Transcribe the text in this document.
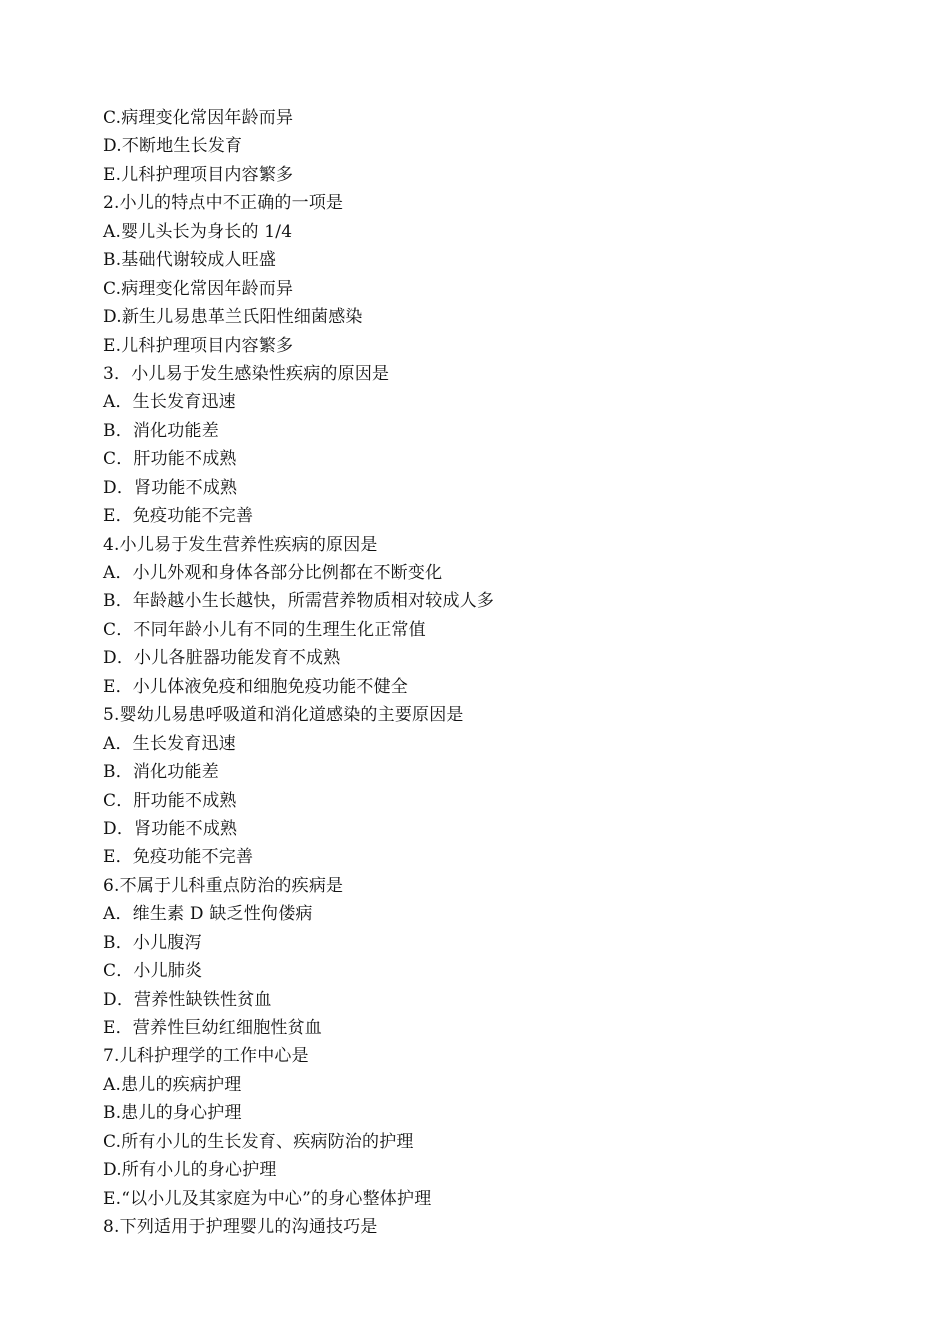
C.病理变化常因年龄而异
D.不断地生长发育
E.儿科护理项目内容繁多
2.小儿的特点中不正确的一项是
A.婴儿头长为身长的 1/4
B.基础代谢较成人旺盛
C.病理变化常因年龄而异
D.新生儿易患革兰氏阳性细菌感染
E.儿科护理项目内容繁多
3．小儿易于发生感染性疾病的原因是
A．生长发育迅速
B．消化功能差
C．肝功能不成熟
D．肾功能不成熟
E．免疫功能不完善
4.小儿易于发生营养性疾病的原因是
A．小儿外观和身体各部分比例都在不断变化
B．年龄越小生长越快，所需营养物质相对较成人多
C．不同年龄小儿有不同的生理生化正常值
D．小儿各脏器功能发育不成熟
E．小儿体液免疫和细胞免疫功能不健全
5.婴幼儿易患呼吸道和消化道感染的主要原因是
A．生长发育迅速
B．消化功能差
C．肝功能不成熟
D．肾功能不成熟
E．免疫功能不完善
6.不属于儿科重点防治的疾病是
A．维生素 D 缺乏性佝偻病
B．小儿腹泻
C．小儿肺炎
D．营养性缺铁性贫血
E．营养性巨幼红细胞性贫血
7.儿科护理学的工作中心是
A.患儿的疾病护理
B.患儿的身心护理
C.所有小儿的生长发育、疾病防治的护理
D.所有小儿的身心护理
E.“以小儿及其家庭为中心”的身心整体护理
8.下列适用于护理婴儿的沟通技巧是
